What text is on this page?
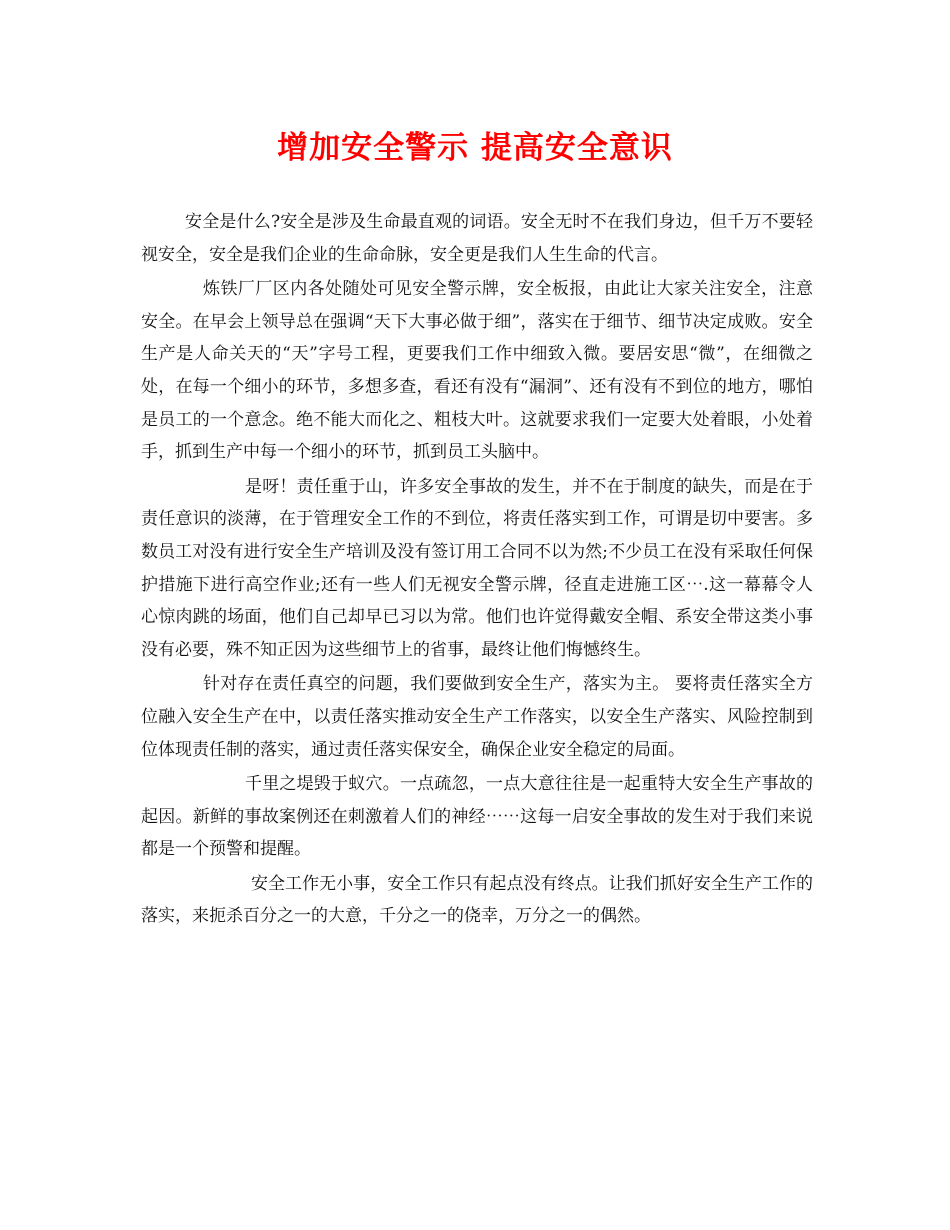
增加安全警示 提高安全意识

安全是什么?安全是涉及生命最直观的词语。安全无时不在我们身边，但千万不要轻视安全，安全是我们企业的生命命脉，安全更是我们人生生命的代言。

炼铁厂厂区内各处随处可见安全警示牌，安全板报，由此让大家关注安全，注意安全。在早会上领导总在强调“天下大事必做于细”，落实在于细节、细节决定成败。安全生产是人命关天的“天”字号工程，更要我们工作中细致入微。要居安思“微”，在细微之处，在每一个细小的环节，多想多查，看还有没有“漏洞”、还有没有不到位的地方，哪怕是员工的一个意念。绝不能大而化之、粗枝大叶。这就要求我们一定要大处着眼，小处着手，抓到生产中每一个细小的环节，抓到员工头脑中。

是呀！责任重于山，许多安全事故的发生，并不在于制度的缺失，而是在于责任意识的淡薄，在于管理安全工作的不到位，将责任落实到工作，可谓是切中要害。多数员工对没有进行安全生产培训及没有签订用工合同不以为然;不少员工在没有采取任何保护措施下进行高空作业;还有一些人们无视安全警示牌，径直走进施工区⋯.这一幕幕令人心惊肉跳的场面，他们自己却早已习以为常。他们也许觉得戴安全帽、系安全带这类小事没有必要，殊不知正因为这些细节上的省事，最终让他们悔憾终生。

针对存在责任真空的问题，我们要做到安全生产，落实为主。 要将责任落实全方位融入安全生产在中，以责任落实推动安全生产工作落实，以安全生产落实、风险控制到位体现责任制的落实，通过责任落实保安全，确保企业安全稳定的局面。

千里之堤毁于蚁穴。一点疏忽，一点大意往往是一起重特大安全生产事故的起因。新鲜的事故案例还在刺激着人们的神经⋯⋯这每一启安全事故的发生对于我们来说都是一个预警和提醒。

安全工作无小事，安全工作只有起点没有终点。让我们抓好安全生产工作的落实，来扼杀百分之一的大意，千分之一的侥幸，万分之一的偶然。
